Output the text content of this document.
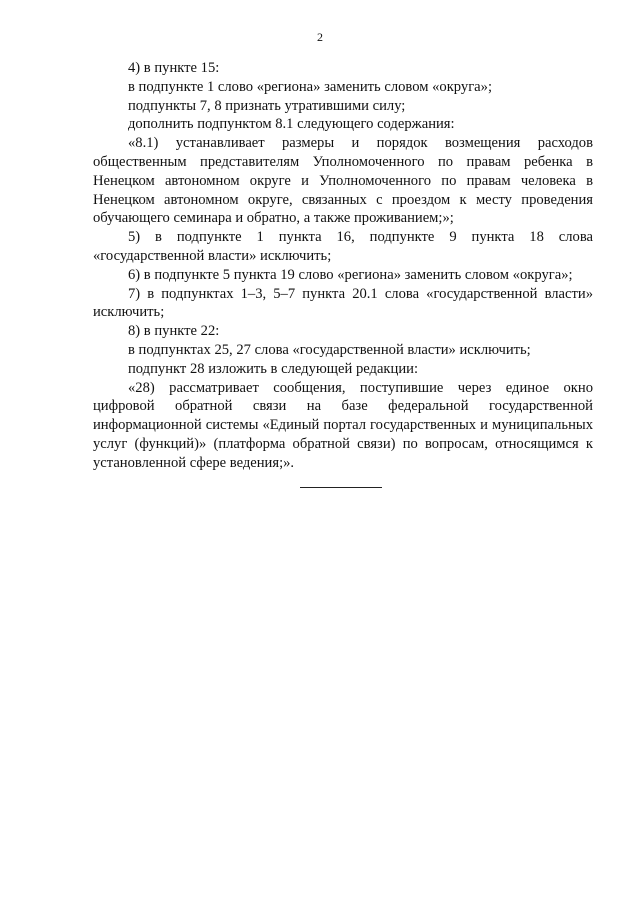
2

4) в пункте 15:

в подпункте 1 слово «региона» заменить словом «округа»;

подпункты 7, 8 признать утратившими силу;

дополнить подпунктом 8.1 следующего содержания:

«8.1) устанавливает размеры и порядок возмещения расходов общественным представителям Уполномоченного по правам ребенка в Ненецком автономном округе и Уполномоченного по правам человека в Ненецком автономном округе, связанных с проездом к месту проведения обучающего семинара и обратно, а также проживанием;»;

5) в подпункте 1 пункта 16, подпункте 9 пункта 18 слова «государственной власти» исключить;

6) в подпункте 5 пункта 19 слово «региона» заменить словом «округа»;

7) в подпунктах 1–3, 5–7 пункта 20.1 слова «государственной власти» исключить;

8) в пункте 22:

в подпунктах 25, 27 слова «государственной власти» исключить;

подпункт 28 изложить в следующей редакции:

«28) рассматривает сообщения, поступившие через единое окно цифровой обратной связи на базе федеральной государственной информационной системы «Единый портал государственных и муниципальных услуг (функций)» (платформа обратной связи) по вопросам, относящимся к установленной сфере ведения;».
